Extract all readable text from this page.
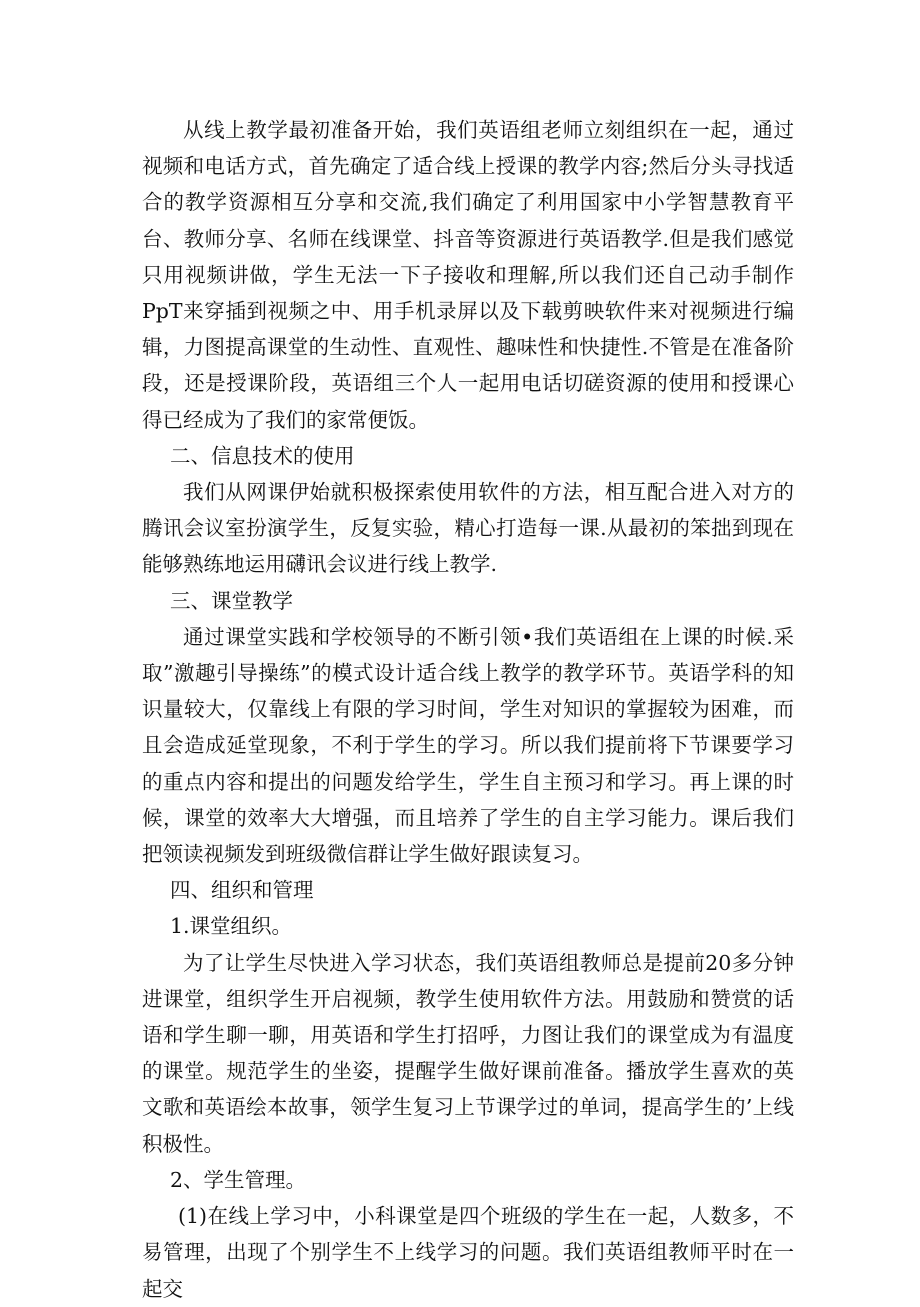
从线上教学最初准备开始，我们英语组老师立刻组织在一起，通过视频和电话方式，首先确定了适合线上授课的教学内容;然后分头寻找适合的教学资源相互分享和交流,我们确定了利用国家中小学智慧教育平台、教师分享、名师在线课堂、抖音等资源进行英语教学.但是我们感觉只用视频讲做，学生无法一下子接收和理解,所以我们还自己动手制作PpT来穿插到视频之中、用手机录屏以及下载剪映软件来对视频进行编辑，力图提高课堂的生动性、直观性、趣味性和快捷性.不管是在准备阶段，还是授课阶段，英语组三个人一起用电话切磋资源的使用和授课心得已经成为了我们的家常便饭。

二、信息技术的使用

我们从网课伊始就积极探索使用软件的方法，相互配合进入对方的腾讯会议室扮演学生，反复实验，精心打造每一课.从最初的笨拙到现在能够熟练地运用礴讯会议进行线上教学.

三、课堂教学

通过课堂实践和学校领导的不断引领•我们英语组在上课的时候.采取”激趣引导操练”的模式设计适合线上教学的教学环节。英语学科的知识量较大，仅靠线上有限的学习时间，学生对知识的掌握较为困难，而且会造成延堂现象，不利于学生的学习。所以我们提前将下节课要学习的重点内容和提出的问题发给学生，学生自主预习和学习。再上课的时候，课堂的效率大大增强，而且培养了学生的自主学习能力。课后我们把领读视频发到班级微信群让学生做好跟读复习。

四、组织和管理

1.课堂组织。

为了让学生尽快进入学习状态，我们英语组教师总是提前20多分钟进课堂，组织学生开启视频，教学生使用软件方法。用鼓励和赞赏的话语和学生聊一聊，用英语和学生打招呼，力图让我们的课堂成为有温度的课堂。规范学生的坐姿，提醒学生做好课前准备。播放学生喜欢的英文歌和英语绘本故事，领学生复习上节课学过的单词，提高学生的’上线积极性。

2、学生管理。

(1)在线上学习中，小科课堂是四个班级的学生在一起，人数多，不易管理，出现了个别学生不上线学习的问题。我们英语组教师平时在一起交
